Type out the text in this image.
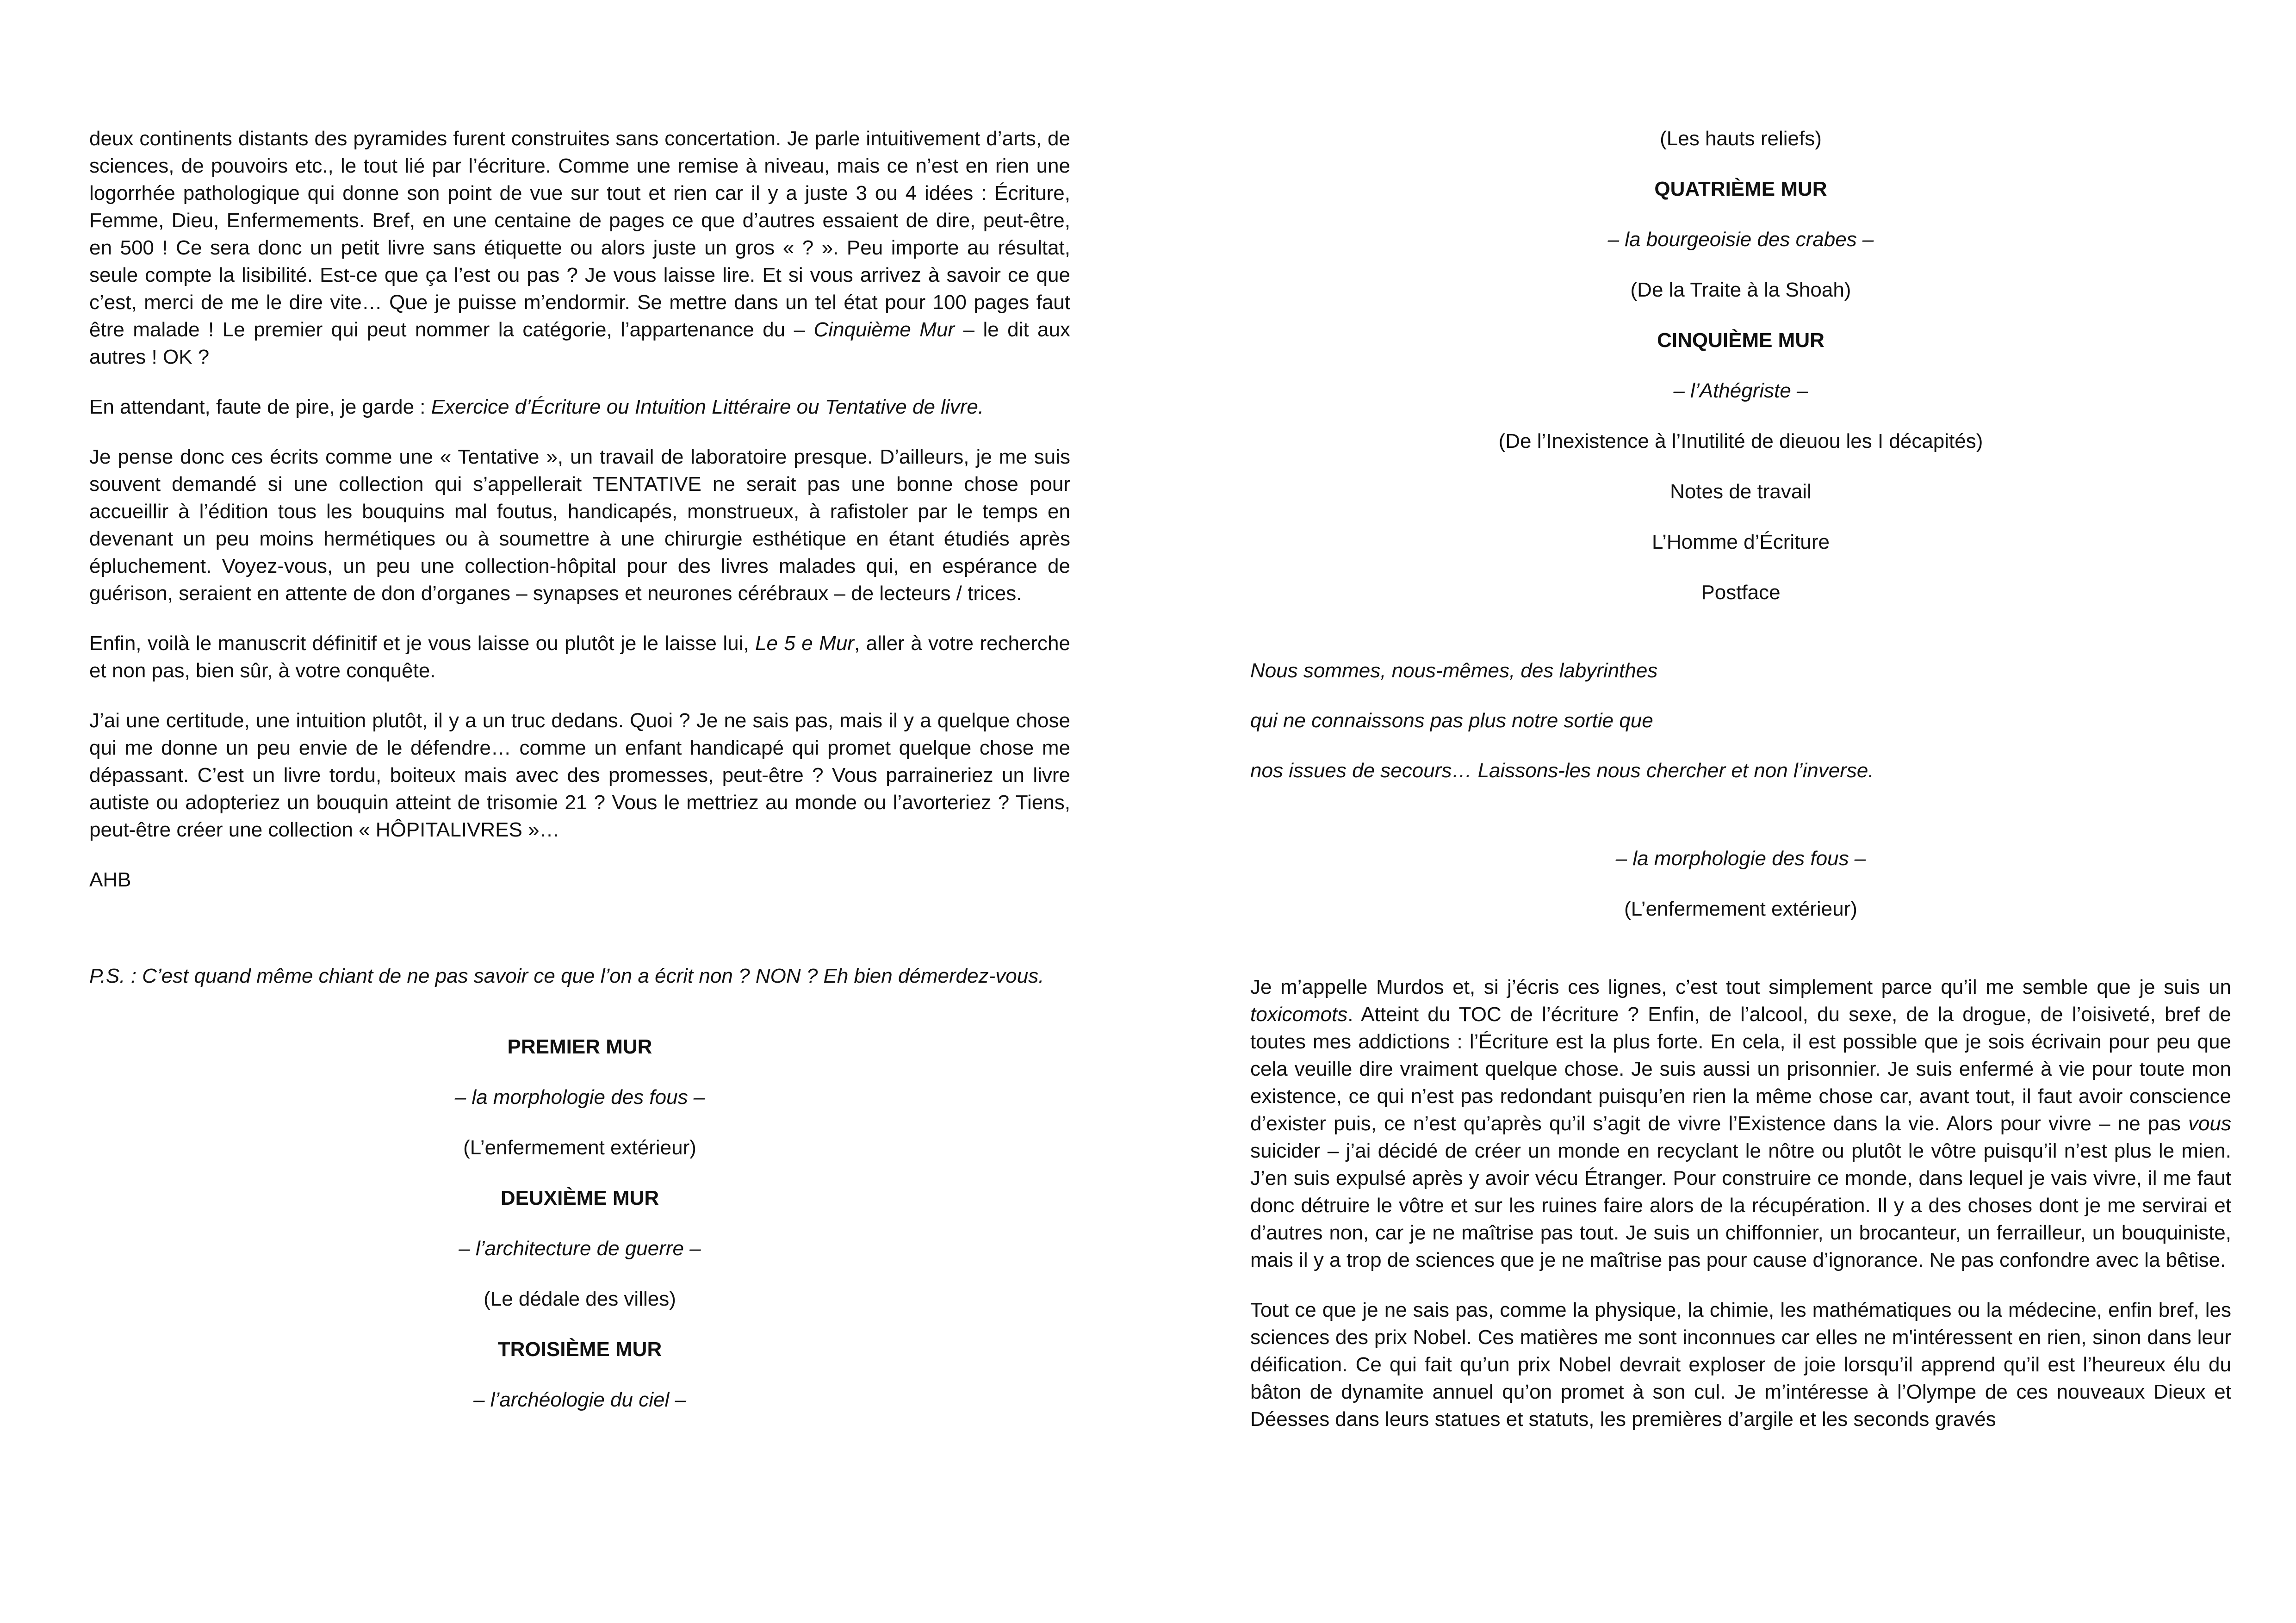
deux continents distants des pyramides furent construites sans concertation. Je parle intuitivement d’arts, de sciences, de pouvoirs etc., le tout lié par l’écriture. Comme une remise à niveau, mais ce n’est en rien une logorrhée pathologique qui donne son point de vue sur tout et rien car il y a juste 3 ou 4 idées : Écriture, Femme, Dieu, Enfermements. Bref, en une centaine de pages ce que d’autres essaient de dire, peut-être, en 500 ! Ce sera donc un petit livre sans étiquette ou alors juste un gros « ? ». Peu importe au résultat, seule compte la lisibilité. Est-ce que ça l’est ou pas ? Je vous laisse lire. Et si vous arrivez à savoir ce que c’est, merci de me le dire vite… Que je puisse m’endormir. Se mettre dans un tel état pour 100 pages faut être malade ! Le premier qui peut nommer la catégorie, l’appartenance du – Cinquième Mur – le dit aux autres ! OK ?

En attendant, faute de pire, je garde : Exercice d’Écriture ou Intuition Littéraire ou Tentative de livre.

Je pense donc ces écrits comme une « Tentative », un travail de laboratoire presque. D’ailleurs, je me suis souvent demandé si une collection qui s’appellerait TENTATIVE ne serait pas une bonne chose pour accueillir à l’édition tous les bouquins mal foutus, handicapés, monstrueux, à rafistoler par le temps en devenant un peu moins hermétiques ou à soumettre à une chirurgie esthétique en étant étudiés après épluchement. Voyez-vous, un peu une collection-hôpital pour des livres malades qui, en espérance de guérison, seraient en attente de don d’organes – synapses et neurones cérébraux – de lecteurs / trices.

Enfin, voilà le manuscrit définitif et je vous laisse ou plutôt je le laisse lui, Le 5 e Mur, aller à votre recherche et non pas, bien sûr, à votre conquête.

J’ai une certitude, une intuition plutôt, il y a un truc dedans. Quoi ? Je ne sais pas, mais il y a quelque chose qui me donne un peu envie de le défendre… comme un enfant handicapé qui promet quelque chose me dépassant. C’est un livre tordu, boiteux mais avec des promesses, peut-être ? Vous parraineriez un livre autiste ou adopteriez un bouquin atteint de trisomie 21 ? Vous le mettriez au monde ou l’avorteriez ? Tiens, peut-être créer une collection « HÔPITALIVRES »…

AHB

P.S. : C’est quand même chiant de ne pas savoir ce que l’on a écrit non ? NON ? Eh bien démerdez-vous.

PREMIER MUR

– la morphologie des fous –

(L’enfermement extérieur)

DEUXIÈME MUR

– l’architecture de guerre –

(Le dédale des villes)

TROISIÈME MUR

– l’archéologie du ciel –

(Les hauts reliefs)

QUATRIÈME MUR

– la bourgeoisie des crabes –

(De la Traite à la Shoah)

CINQUIÈME MUR

– l’Athégriste –

(De l’Inexistence à l’Inutilité de dieuou les I décapités)

Notes de travail

L’Homme d’Écriture

Postface

Nous sommes, nous-mêmes, des labyrinthes

qui ne connaissons pas plus notre sortie que

nos issues de secours… Laissons-les nous chercher et non l’inverse.

– la morphologie des fous –

(L’enfermement extérieur)

Je m’appelle Murdos et, si j’écris ces lignes, c’est tout simplement parce qu’il me semble que je suis un toxicomots. Atteint du TOC de l’écriture ? Enfin, de l’alcool, du sexe, de la drogue, de l’oisiveté, bref de toutes mes addictions : l’Écriture est la plus forte. En cela, il est possible que je sois écrivain pour peu que cela veuille dire vraiment quelque chose. Je suis aussi un prisonnier. Je suis enfermé à vie pour toute mon existence, ce qui n’est pas redondant puisqu’en rien la même chose car, avant tout, il faut avoir conscience d’exister puis, ce n’est qu’après qu’il s’agit de vivre l’Existence dans la vie. Alors pour vivre – ne pas vous suicider – j’ai décidé de créer un monde en recyclant le nôtre ou plutôt le vôtre puisqu’il n’est plus le mien. J’en suis expulsé après y avoir vécu Étranger. Pour construire ce monde, dans lequel je vais vivre, il me faut donc détruire le vôtre et sur les ruines faire alors de la récupération. Il y a des choses dont je me servirai et d’autres non, car je ne maîtrise pas tout. Je suis un chiffonnier, un brocanteur, un ferrailleur, un bouquiniste, mais il y a trop de sciences que je ne maîtrise pas pour cause d’ignorance. Ne pas confondre avec la bêtise.

Tout ce que je ne sais pas, comme la physique, la chimie, les mathématiques ou la médecine, enfin bref, les sciences des prix Nobel. Ces matières me sont inconnues car elles ne m'intéressent en rien, sinon dans leur déification. Ce qui fait qu’un prix Nobel devrait exploser de joie lorsqu’il apprend qu’il est l’heureux élu du bâton de dynamite annuel qu’on promet à son cul. Je m’intéresse à l’Olympe de ces nouveaux Dieux et Déesses dans leurs statues et statuts, les premières d’argile et les seconds gravés
